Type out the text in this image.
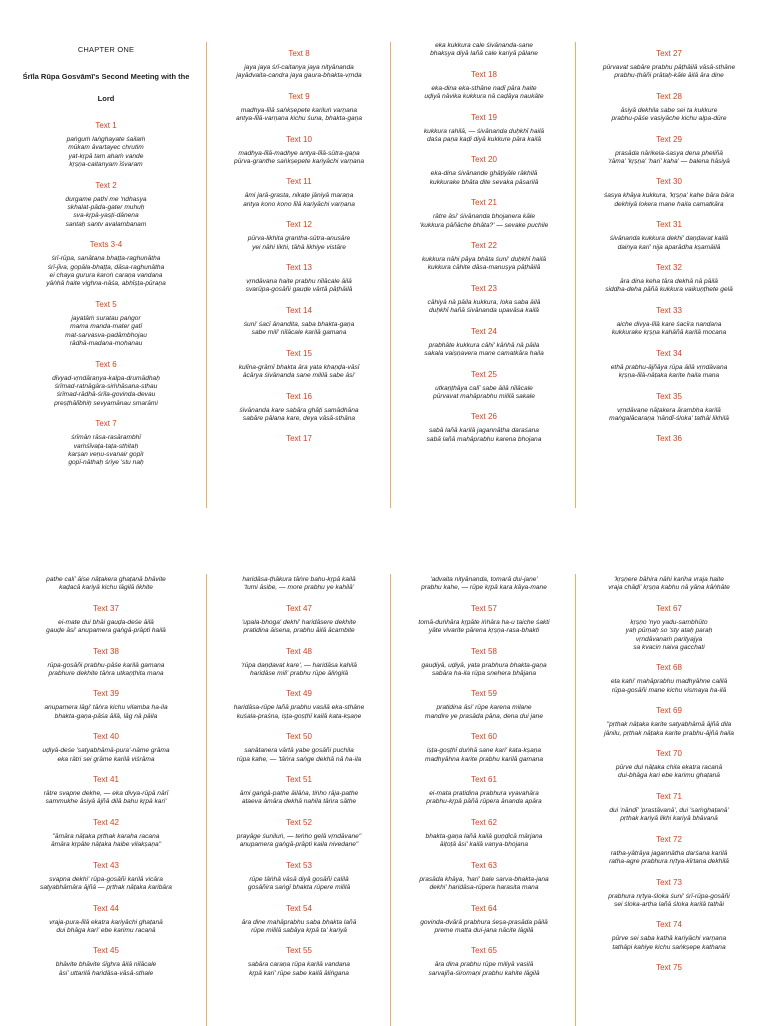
CHAPTER ONE
Śrīla Rūpa Gosvāmī's Second Meeting with the Lord
Text 1
paṅguṁ laṅghayate śailaṁ
mūkam āvartayec chrutim
yat-kṛpā tam ahaṁ vande
kṛṣṇa-caitanyam īśvaram
Text 2
durgame pathi me 'ndhasya
skhalat-pāda-gater muhuḥ
sva-kṛpā-yaṣṭi-dānena
santaḥ santv avalambanam
Texts 3-4
śrī-rūpa, sanātana bhaṭṭa-raghunātha
śrī-jīva, gopāla-bhaṭṭa, dāsa-raghunātha
ei chaya gurura karoṅ caraṇa vandana
yāṅhā haite vighna-nāśa, abhīṣṭa-pūraṇa
Text 5
jayatāṁ suratau paṅgor
mama manda-mater gatī
mat-sarvasva-padāmbhojau
rādhā-madana-mohanau
Text 6
dīvyad-vṛndāraṇya-kalpa-drumādhaḥ
śrīmad-ratnāgāra-siṁhāsana-sthau
śrīmad-rādhā-śrīla-govinda-devau
preṣṭhālībhiḥ sevyamānau smarāmi
Text 7
śrīmān rāsa-rasārambhī
vaṁśīvaṭa-taṭa-sthitaḥ
karṣan veṇu-svanair gopīr
gopī-nāthaḥ śriye 'stu naḥ
Text 8
jaya jaya śrī-caitanya jaya nityānanda
jayādvaita-candra jaya gaura-bhakta-vṛnda
Text 9
madhya-līlā saṅkṣepete kariluṅ varṇana
antya-līlā-varṇana kichu śuna, bhakta-gaṇa
Text 10
madhya-līlā-madhye antya-līlā-sūtra-gaṇa
pūrva-granthe saṅkṣepete kariyāchi varṇana
Text 11
āmi jarā-grasta, nikaṭe jāniyā maraṇa
antya kono kono līlā kariyāchi varṇana
Text 12
pūrva-likhita grantha-sūtra-anusāre
yei nāhi likhi, tāhā likhiye vistāre
Text 13
vṛndāvana haite prabhu nīlācale āilā
svarūpa-gosāñi gauḍe vārtā pāṭhāilā
Text 14
śuni' śacī ānandita, saba bhakta-gaṇa
sabe mili' nīlācale karilā gamana
Text 15
kulīna-grāmī bhakta āra yata khaṇḍa-vāsī
ācārya śivānanda sane mililā sabe āsi'
Text 16
śivānanda kare sabāra ghāṭi samādhāna
sabāre pālana kare, deya vāsā-sthāna
Text 17
eka kukkura cale śivānanda-sane
bhakṣya diyā lañā cale kariyā pālane
Text 18
eka-dina eka-sthāne nadī pāra haite
uḍiyā nāvika kukkura nā caḍāya naukāte
Text 19
kukkura rahilā, — śivānanda duḥkhī hailā
daśa paṇa kaḍi diyā kukkure pāra kailā
Text 20
eka-dina śivānande ghāṭiyāle rākhilā
kukkurake bhāta dite sevaka pāsarilā
Text 21
rātre āsi' śivānanda bhojanera kāle
'kukkura pāñāche bhāta?' — sevake puchile
Text 22
kukkura nāhi pāya bhāta śuni' duḥkhī hailā
kukkura cāhite dāsa-manuṣya pāṭhāilā
Text 23
cāhiyā nā pāila kukkura, loka saba āilā
duḥkhī hañā śivānanda upavāsa kailā
Text 24
prabhāte kukkura cāhi' kāṅhā nā pāila
sakala vaiṣṇavera mane camatkāra haila
Text 25
utkaṇṭhāya calī' sabe āilā nīlācale
pūrvavat mahāprabhu mililā sakale
Text 26
sabā lañā karilā jagannātha daraśana
sabā lañā mahāprabhu karena bhojana
Text 27
pūrvavat sabāre prabhu pāṭhāilā vāsā-sthāne
prabhu-ṭhāñi prātaḥ-kāle āilā āra dine
Text 28
āsiyā dekhila sabe sei ta kukkure
prabhu-pāśe vasiyāche kichu alpa-dūre
Text 29
prasāda nārikela-śasya dena pheliñā
'rāma' 'kṛṣṇa' 'hari' kaha' — balena hāsiyā
Text 30
śasya khāya kukkura, 'kṛṣṇa' kahe bāra bāra
dekhiyā lokera mane haila camatkāra
Text 31
śivānanda kukkura dekhi' daṇḍavat kailā
dainya kari' nija aparādha kṣamāilā
Text 32
āra dina keha tāra dekhā nā pāilā
siddha-deha pāñā kukkura vaikuṇṭhete gelā
Text 33
aiche divya-līlā kare śacīra nandana
kukkurake kṛṣṇa kahāñā karilā mocana
Text 34
ethā prabhu-ājñāya rūpa āilā vṛndāvana
kṛṣṇa-līlā-nāṭaka karite haila mana
Text 35
vṛndāvane nāṭakera ārambha karilā
maṅgalācaraṇa 'nāndī-śloka' tathāi likhilā
Text 36
pathe cali' āise nāṭakera ghaṭanā bhāvite
kaḍacā kariyā kichu lāgilā likhite
Text 37
ei-mate dui bhāi gauḍa-deśe āilā
gauḍe āsi' anupamera gaṅgā-prāpti hailā
Text 38
rūpa-gosāñi prabhu-pāśe karilā gamana
prabhure dekhite tāṅra utkaṇṭhita mana
Text 39
anupamera lāgi' tāṅra kichu vilamba ha-ila
bhakta-gaṇa-pāśa āilā, lāg nā pāila
Text 40
uḍiyā-deśe 'satyabhāmā-pura'-nāme grāma
eka rātri sei grāme karilā viśrāma
Text 41
rātre svapne dekhe, — eka divya-rūpā nārī
sammukhe āsiyā ājñā dilā bahu kṛpā kari'
Text 42
"āmāra nāṭaka pṛthak karaha racana
āmāra kṛpāte nāṭaka haibe vilakṣaṇa"
Text 43
svapna dekhi' rūpa-gosāñi karilā vicāra
satyabhāmāra ājñā — pṛthak nāṭaka karibāra
Text 44
vraja-pura-līlā ekatra kariyāchi ghaṭanā
dui bhāga kari' ebe karimu racanā
Text 45
bhāvite bhāvite śīghra āilā nīlācale
āsi' uttarilā haridāsa-vāsā-sthale
haridāsa-ṭhākura tāṅre bahu-kṛpā kailā
'tumi āsibe, — more prabhu ye kahilā'
Text 47
'upala-bhoga' dekhi' haridāsere dekhite
pratidina āisena, prabhu āilā ācambite
Text 48
'rūpa daṇḍavat kare', — haridāsa kahilā
haridāse mili' prabhu rūpe āliṅgilā
Text 49
haridāsa-rūpe lañā prabhu vasilā eka-sthāne
kuśala-praśna, iṣṭa-goṣṭhī kailā kata-kṣaṇe
Text 50
sanātanera vārtā yabe gosāñi puchila
rūpa kahe, — 'tāṅra saṅge dekhā nā ha-ila
Text 51
āmi gaṅgā-pathe āilāṅa, tiṅho rāja-pathe
ataeva āmāra dekhā nahila tāṅra sāthe
Text 52
prayāge śuniluṅ, — teṅho gelā vṛndāvane"
anupamera gaṅgā-prāpti kaila nivedane"
Text 53
rūpe tāṅhā vāsā diyā gosāñi calilā
gosāñira saṅgī bhakta rūpere mililā
Text 54
āra dine mahāprabhu saba bhakta lañā
rūpe mililā sabāya kṛpā ta' kariyā
Text 55
sabāra caraṇa rūpa karilā vandana
kṛpā kari' rūpe sabe kailā āliṅgana
'advaita nityānanda, tomarā dui-jane'
prabhu kahe, — rūpe kṛpā kara kāya-mane
Text 57
tomā-duṅhāra kṛpāte iṅhāra ha-u taiche śakti
yāte vivarite pārena kṛṣṇa-rasa-bhakti
Text 58
gauḍiyā, uḍiyā, yata prabhura bhakta-gaṇa
sabāra ha-ila rūpa snehera bhājana
Text 59
pratidina āsi' rūpe karena milane
mandire ye prasāda pāna, dena dui jane
Text 60
iṣṭa-goṣṭhī duṅhā sane kari' kata-kṣaṇa
madhyāhna karite prabhu karilā gamana
Text 61
ei-mata pratidina prabhura vyavahāra
prabhu-kṛpā pāñā rūpera ānanda apāra
Text 62
bhakta-gaṇa lañā kailā guṇḍicā mārjana
āiṭoṭā āsi' kailā vanya-bhojana
Text 63
prasāda khāya, 'hari' bale sarva-bhakta-jana
dekhi' haridāsa-rūpera harasita mana
Text 64
govinda-dvārā prabhura śeṣa-prasāda pāilā
preme matta dui-jana nācite lāgilā
Text 65
āra dina prabhu rūpe miliyā vasilā
sarvajña-śiromaṇi prabhu kahite lāgilā
'kṛṣṇere bāhira nāhi kariha vraja haite
vraja chāḍi' kṛṣṇa kabhu nā yāna kāṅhāte
Text 67
kṛṣṇo 'nyo yadu-sambhūto
yaḥ pūrṇaḥ so 'sty ataḥ paraḥ
vṛndāvanaṁ parityajya
sa kvacin naiva gacchati
Text 68
eta kahi' mahāprabhu madhyāhne calilā
rūpa-gosāñi mane kichu vismaya ha-ilā
Text 69
"pṛthak nāṭaka karite satyabhāmā ājñā dila
jānilu, pṛthak nāṭaka karite prabhu-ājñā haila
Text 70
pūrve dui nāṭaka chila ekatra racanā
dui-bhāga kari ebe karimu ghaṭanā
Text 71
dui 'nāndī' 'prastāvanā', dui 'saṁghaṭanā'
pṛthak kariyā likhi kariyā bhāvanā
Text 72
ratha-yātrāya jagannātha darśana karilā
ratha-agre prabhura nṛtya-kīrtana dekhilā
Text 73
prabhura nṛtya-śloka śuni' śrī-rūpa-gosāñi
sei śloka-artha lañā śloka karilā tathāi
Text 74
pūrve sei saba kathā kariyāchi varṇana
tathāpi kahiye kichu saṅkṣepe kathana
Text 75
